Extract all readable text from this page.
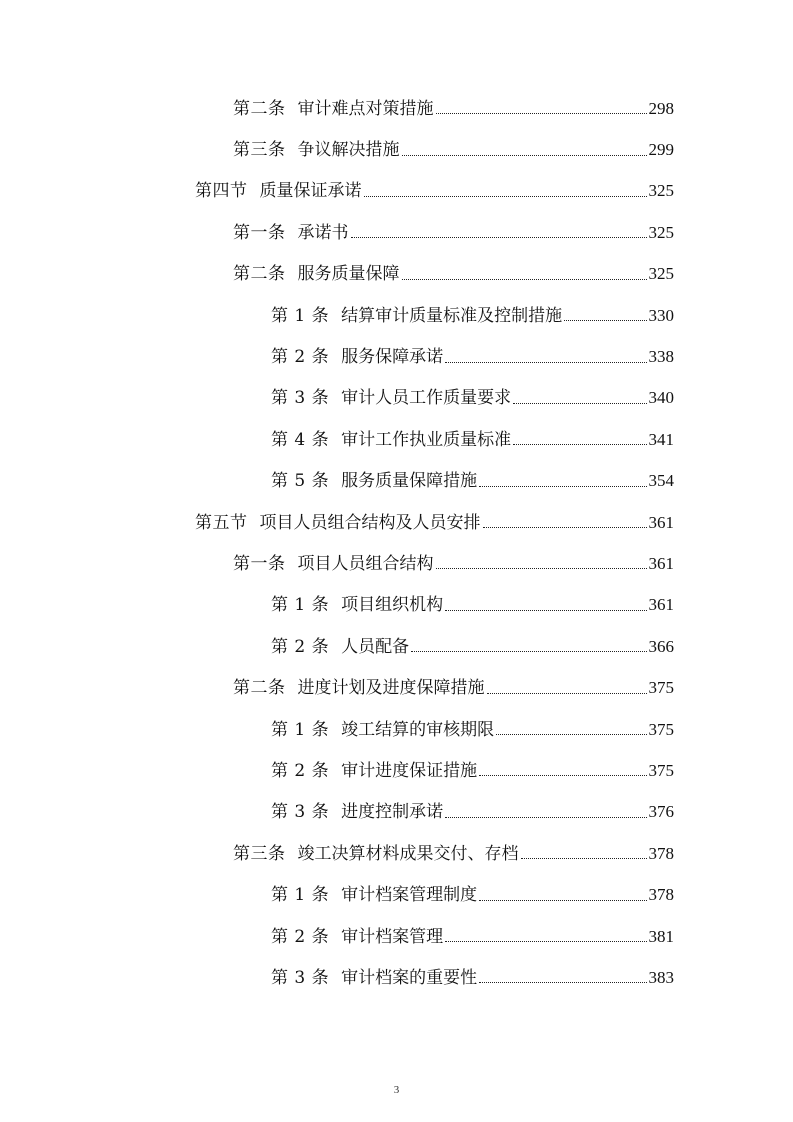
第二条 审计难点对策措施	298
第三条 争议解决措施	299
第四节 质量保证承诺	325
第一条 承诺书	325
第二条 服务质量保障	325
第 1 条 结算审计质量标准及控制措施	330
第 2 条 服务保障承诺	338
第 3 条 审计人员工作质量要求	340
第 4 条 审计工作执业质量标准	341
第 5 条 服务质量保障措施	354
第五节 项目人员组合结构及人员安排	361
第一条 项目人员组合结构	361
第 1 条 项目组织机构	361
第 2 条 人员配备	366
第二条 进度计划及进度保障措施	375
第 1 条 竣工结算的审核期限	375
第 2 条 审计进度保证措施	375
第 3 条 进度控制承诺	376
第三条 竣工决算材料成果交付、存档	378
第 1 条 审计档案管理制度	378
第 2 条 审计档案管理	381
第 3 条 审计档案的重要性	383
3
